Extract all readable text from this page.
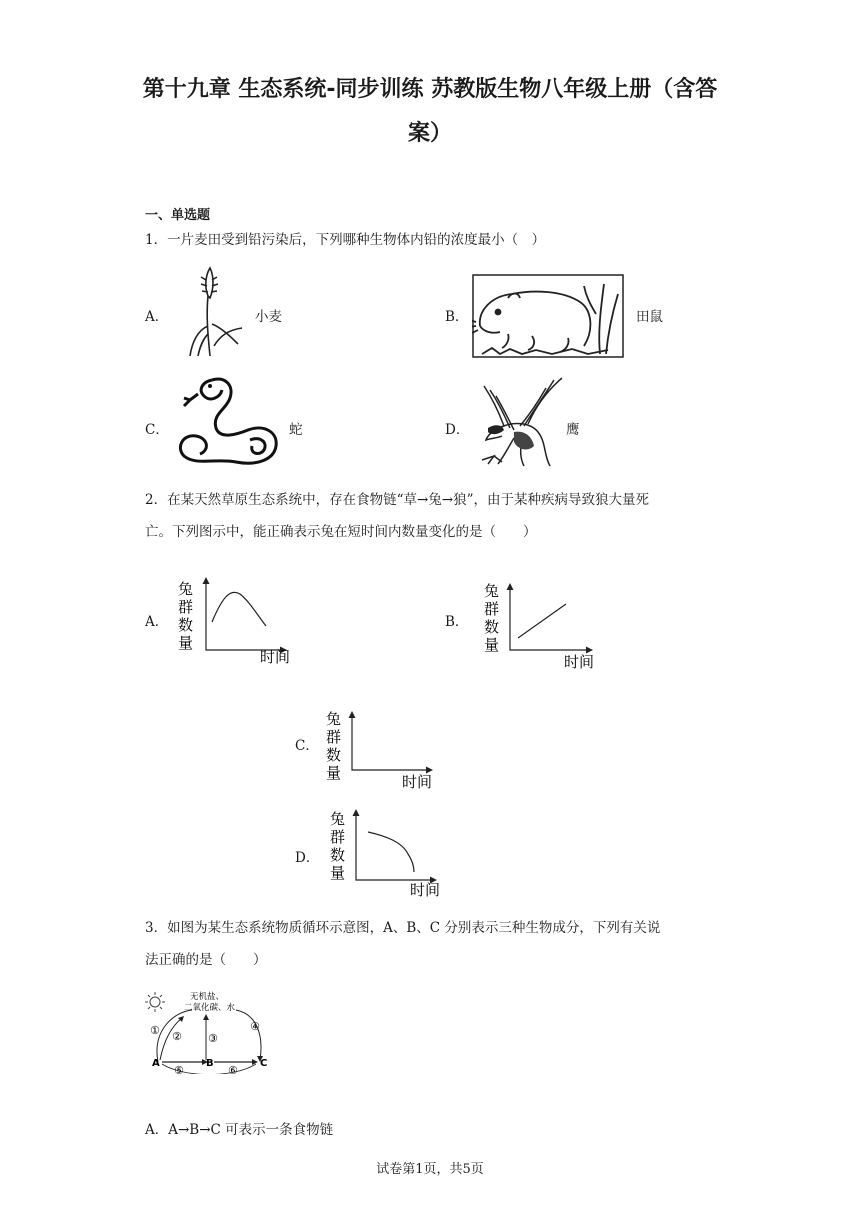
第十九章 生态系统-同步训练 苏教版生物八年级上册（含答
案）
一、单选题
1．一片麦田受到铅污染后，下列哪种生物体内铅的浓度最小（　）
A．	小麦	B．	田鼠
C．	蛇	D．	鹰
2．在某天然草原生态系统中，存在食物链“草→兔→狼”，由于某种疾病导致狼大量死
亡。下列图示中，能正确表示兔在短时间内数量变化的是（　　）
A．
兔
群
数
量
时间
B．
兔
群
数
量
时间
C．
兔
群
数
量	时间
D．
兔
群
数
量
时间
3．如图为某生态系统物质循环示意图，A、B、C 分别表示三种生物成分，下列有关说
法正确的是（　　）
无机盐、
二氧化碳、水
A	B	C
① ② ③
④
⑤	⑥
A．A→B→C 可表示一条食物链
试卷第1页，共5页
